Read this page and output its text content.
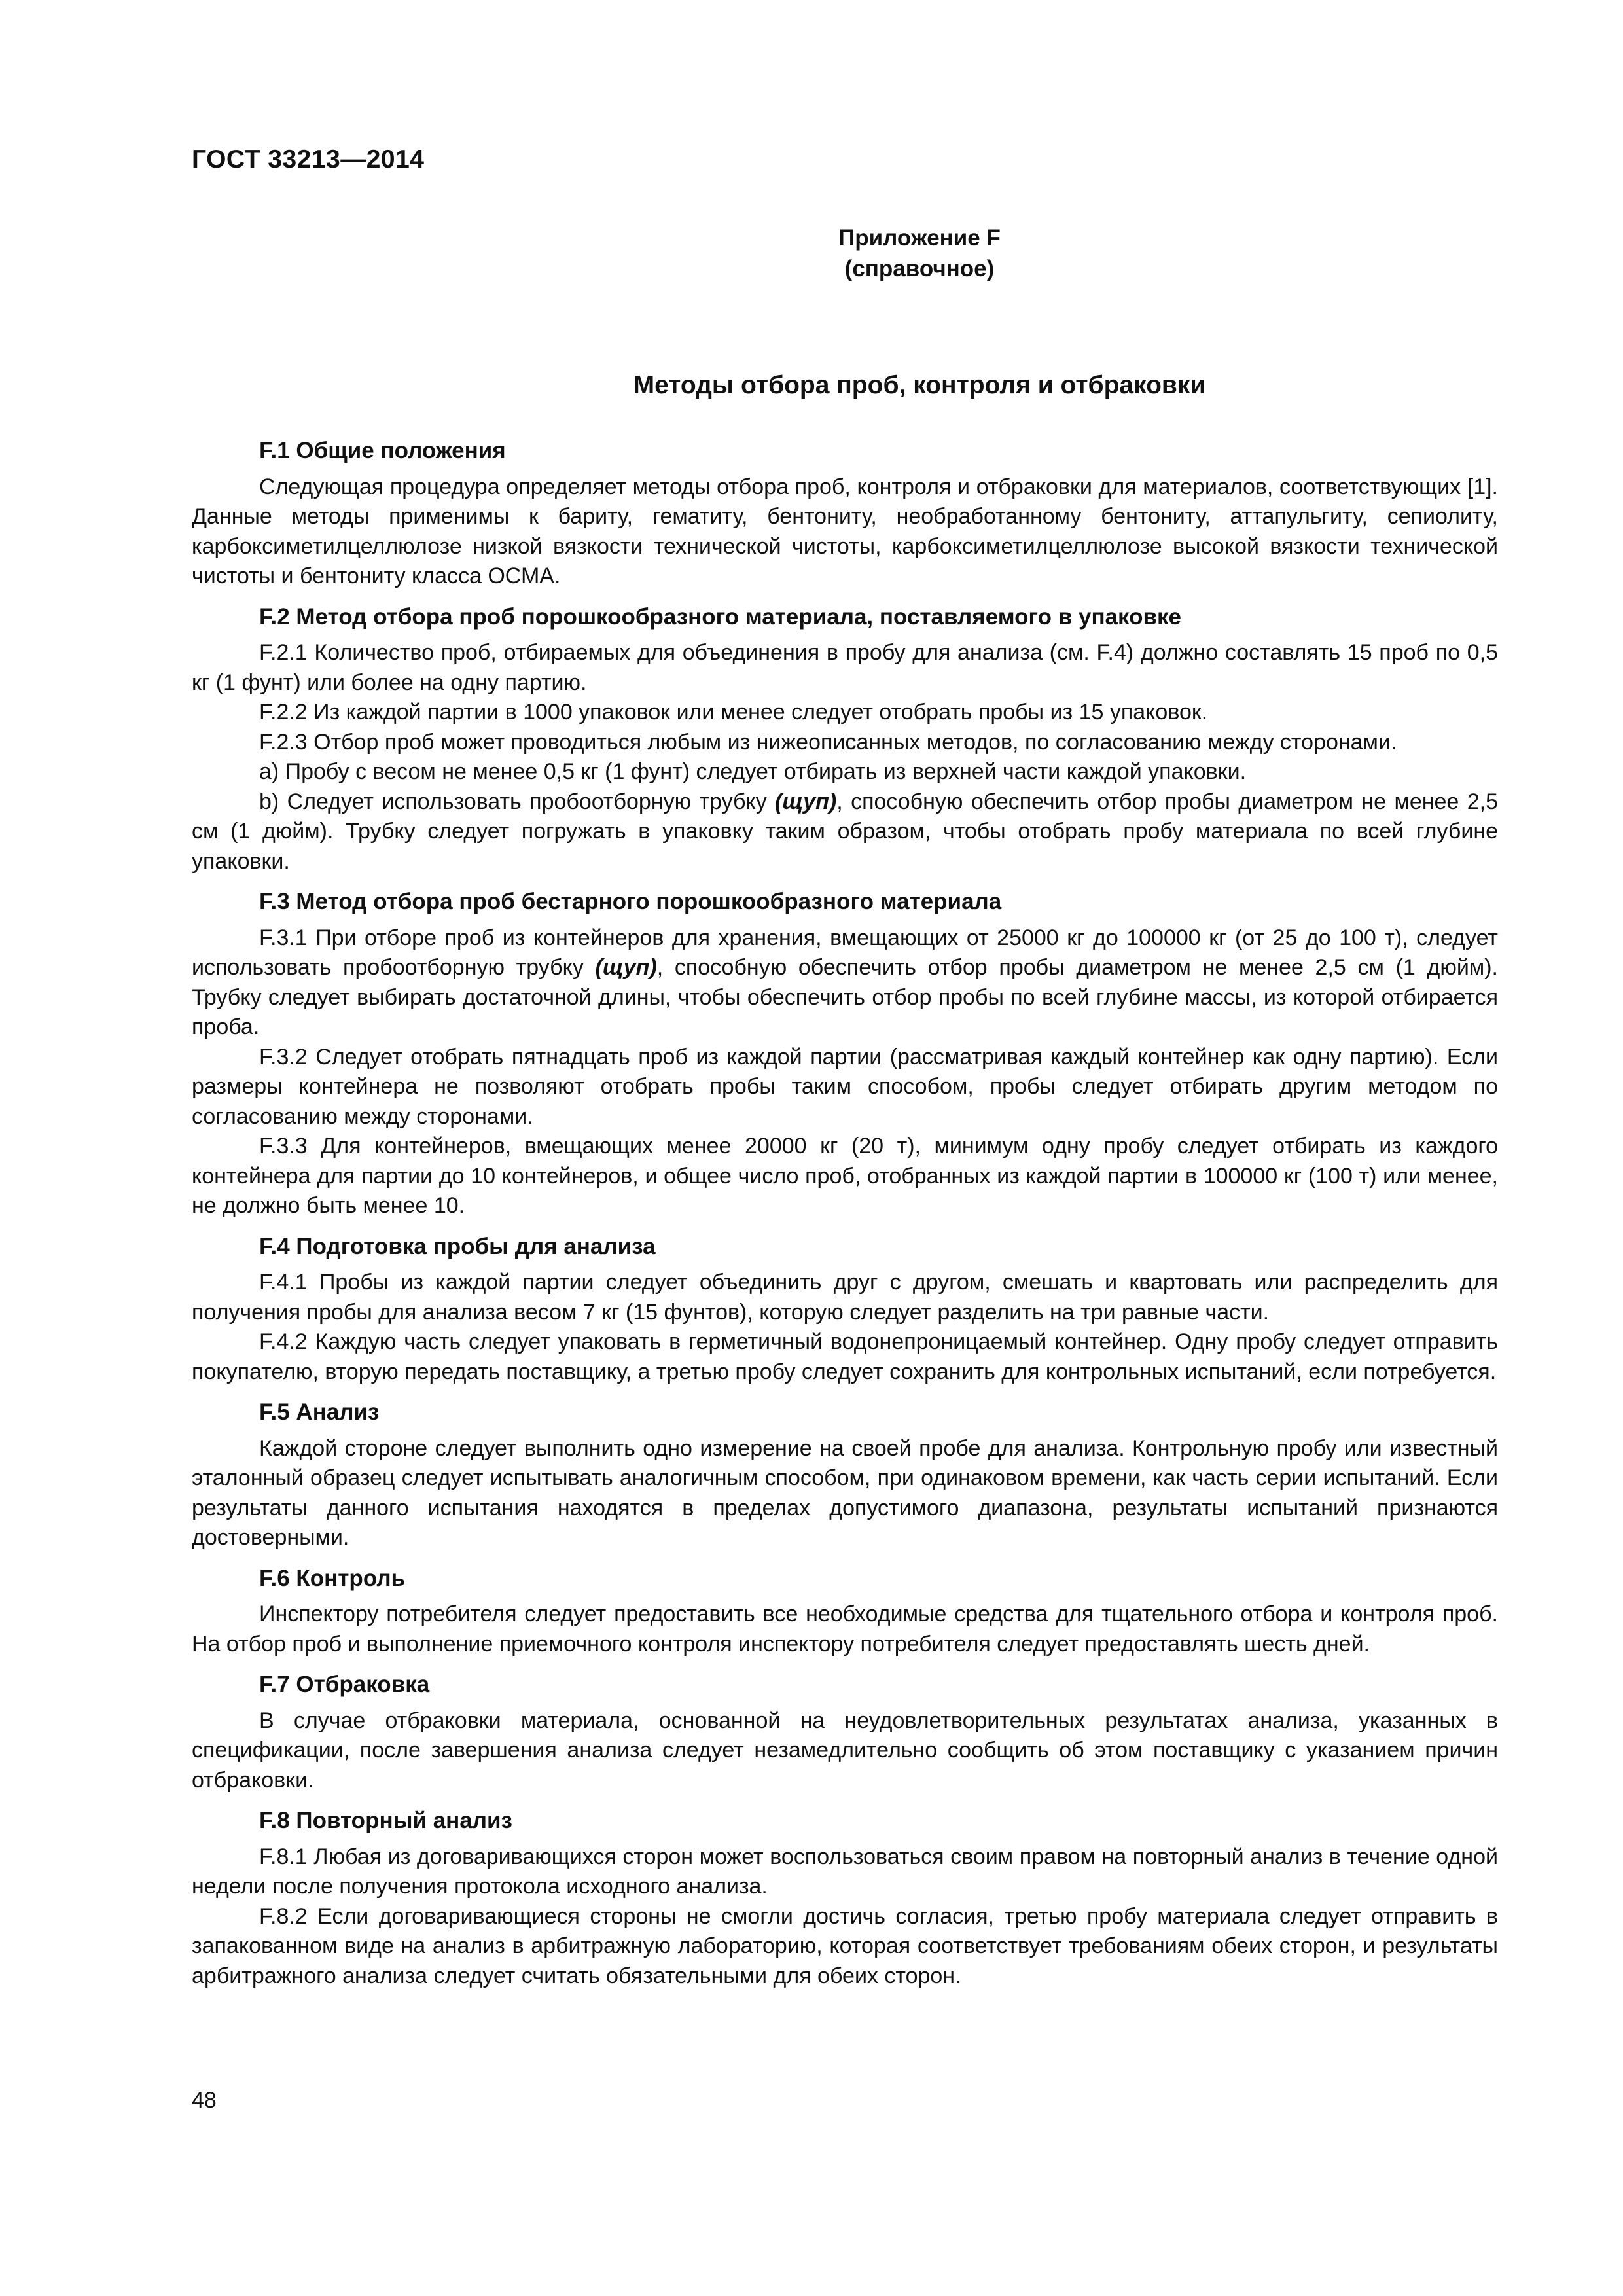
ГОСТ 33213—2014
Приложение F
(справочное)
Методы отбора проб, контроля и отбраковки
F.1 Общие положения

Следующая процедура определяет методы отбора проб, контроля и отбраковки для материалов, соответствующих [1]. Данные методы применимы к бариту, гематиту, бентониту, необработанному бентониту, аттапульгиту, сепиолиту, карбоксиметилцеллюлозе низкой вязкости технической чистоты, карбоксиметилцеллюлозе высокой вязкости технической чистоты и бентониту класса ОСМА.

F.2 Метод отбора проб порошкообразного материала, поставляемого в упаковке

F.2.1 Количество проб, отбираемых для объединения в пробу для анализа (см. F.4) должно составлять 15 проб по 0,5 кг (1 фунт) или более на одну партию.

F.2.2 Из каждой партии в 1000 упаковок или менее следует отобрать пробы из 15 упаковок.

F.2.3 Отбор проб может проводиться любым из нижеописанных методов, по согласованию между сторонами.

а) Пробу с весом не менее 0,5 кг (1 фунт) следует отбирать из верхней части каждой упаковки.

b) Следует использовать пробоотборную трубку (щуп), способную обеспечить отбор пробы диаметром не менее 2,5 см (1 дюйм). Трубку следует погружать в упаковку таким образом, чтобы отобрать пробу материала по всей глубине упаковки.

F.3 Метод отбора проб бестарного порошкообразного материала

F.3.1 При отборе проб из контейнеров для хранения, вмещающих от 25000 кг до 100000 кг (от 25 до 100 т), следует использовать пробоотборную трубку (щуп), способную обеспечить отбор пробы диаметром не менее 2,5 см (1 дюйм). Трубку следует выбирать достаточной длины, чтобы обеспечить отбор пробы по всей глубине массы, из которой отбирается проба.

F.3.2 Следует отобрать пятнадцать проб из каждой партии (рассматривая каждый контейнер как одну партию). Если размеры контейнера не позволяют отобрать пробы таким способом, пробы следует отбирать другим методом по согласованию между сторонами.

F.3.3 Для контейнеров, вмещающих менее 20000 кг (20 т), минимум одну пробу следует отбирать из каждого контейнера для партии до 10 контейнеров, и общее число проб, отобранных из каждой партии в 100000 кг (100 т) или менее, не должно быть менее 10.

F.4 Подготовка пробы для анализа

F.4.1 Пробы из каждой партии следует объединить друг с другом, смешать и квартовать или распределить для получения пробы для анализа весом 7 кг (15 фунтов), которую следует разделить на три равные части.

F.4.2 Каждую часть следует упаковать в герметичный водонепроницаемый контейнер. Одну пробу следует отправить покупателю, вторую передать поставщику, а третью пробу следует сохранить для контрольных испытаний, если потребуется.

F.5 Анализ

Каждой стороне следует выполнить одно измерение на своей пробе для анализа. Контрольную пробу или известный эталонный образец следует испытывать аналогичным способом, при одинаковом времени, как часть серии испытаний. Если результаты данного испытания находятся в пределах допустимого диапазона, результаты испытаний признаются достоверными.

F.6 Контроль

Инспектору потребителя следует предоставить все необходимые средства для тщательного отбора и контроля проб. На отбор проб и выполнение приемочного контроля инспектору потребителя следует предоставлять шесть дней.

F.7 Отбраковка

В случае отбраковки материала, основанной на неудовлетворительных результатах анализа, указанных в спецификации, после завершения анализа следует незамедлительно сообщить об этом поставщику с указанием причин отбраковки.

F.8 Повторный анализ

F.8.1 Любая из договаривающихся сторон может воспользоваться своим правом на повторный анализ в течение одной недели после получения протокола исходного анализа.

F.8.2 Если договаривающиеся стороны не смогли достичь согласия, третью пробу материала следует отправить в запакованном виде на анализ в арбитражную лабораторию, которая соответствует требованиям обеих сторон, и результаты арбитражного анализа следует считать обязательными для обеих сторон.

48
